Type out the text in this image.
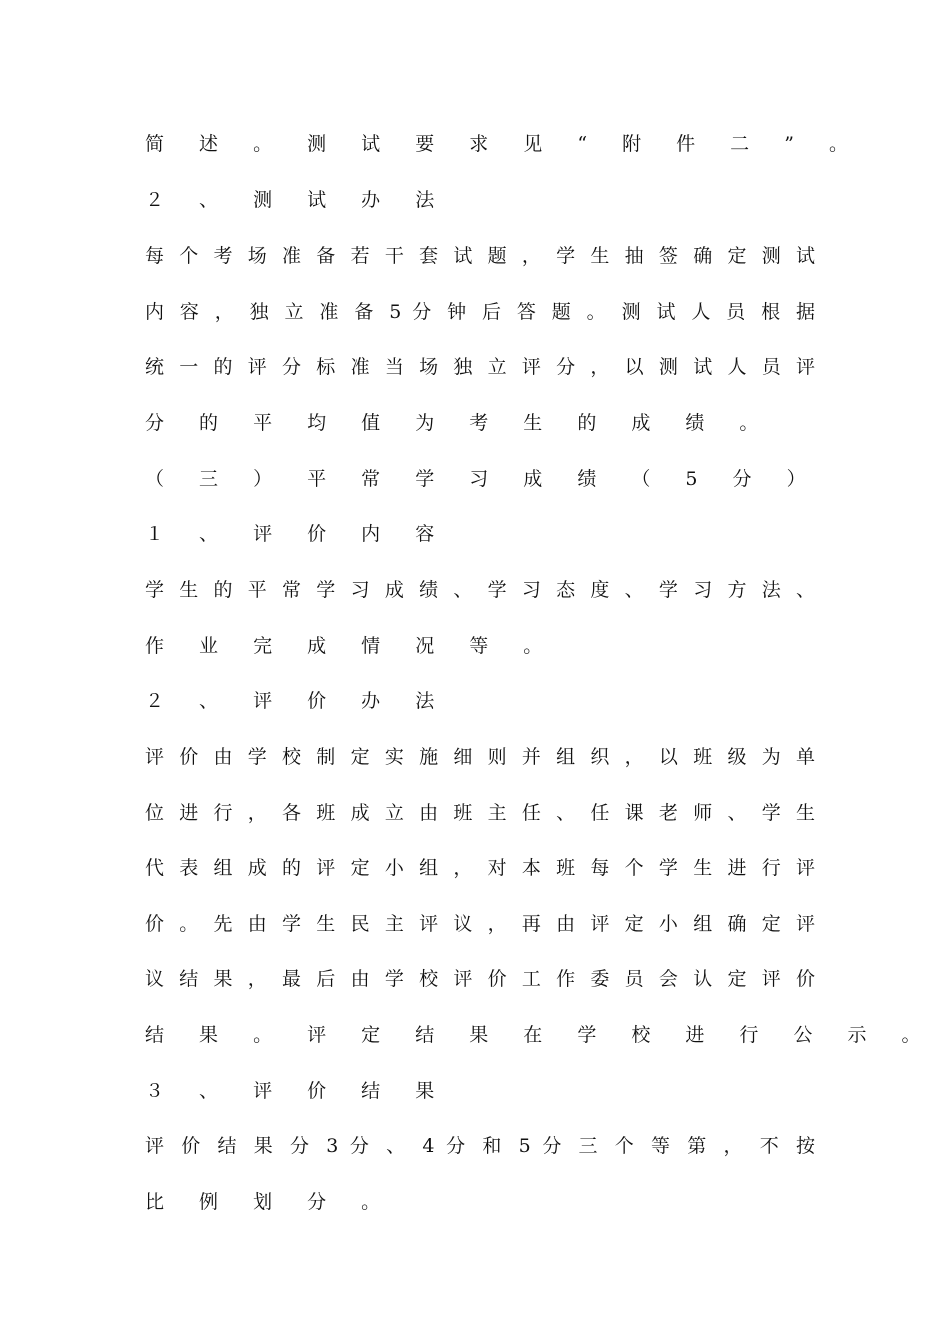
简 述 。 测 试 要 求 见 “ 附 件 二 ” 。
２ 、 测 试 办 法
每 个 考 场 准 备 若 干 套 试 题 ， 学 生 抽 签 确 定 测 试
内 容 ， 独 立 准 备 5 分 钟 后 答 题 。 测 试 人 员 根 据
统 一 的 评 分 标 准 当 场 独 立 评 分 ， 以 测 试 人 员 评
分 的 平 均 值 为 考 生 的 成 绩 。
（ 三 ） 平 常 学 习 成 绩 （ 5 分 ）
１ 、 评 价 内 容
学 生 的 平 常 学 习 成 绩 、 学 习 态 度 、 学 习 方 法 、
作 业 完 成 情 况 等 。
２ 、 评 价 办 法
评 价 由 学 校 制 定 实 施 细 则 并 组 织 ， 以 班 级 为 单
位 进 行 ， 各 班 成 立 由 班 主 任 、 任 课 老 师 、 学 生
代 表 组 成 的 评 定 小 组 ， 对 本 班 每 个 学 生 进 行 评
价 。 先 由 学 生 民 主 评 议 ， 再 由 评 定 小 组 确 定 评
议 结 果 ， 最 后 由 学 校 评 价 工 作 委 员 会 认 定 评 价
结 果 。 评 定 结 果 在 学 校 进 行 公 示 。
３ 、 评 价 结 果
评 价 结 果 分 3 分 、 4 分 和 5 分 三 个 等 第 ， 不 按
比 例 划 分 。
